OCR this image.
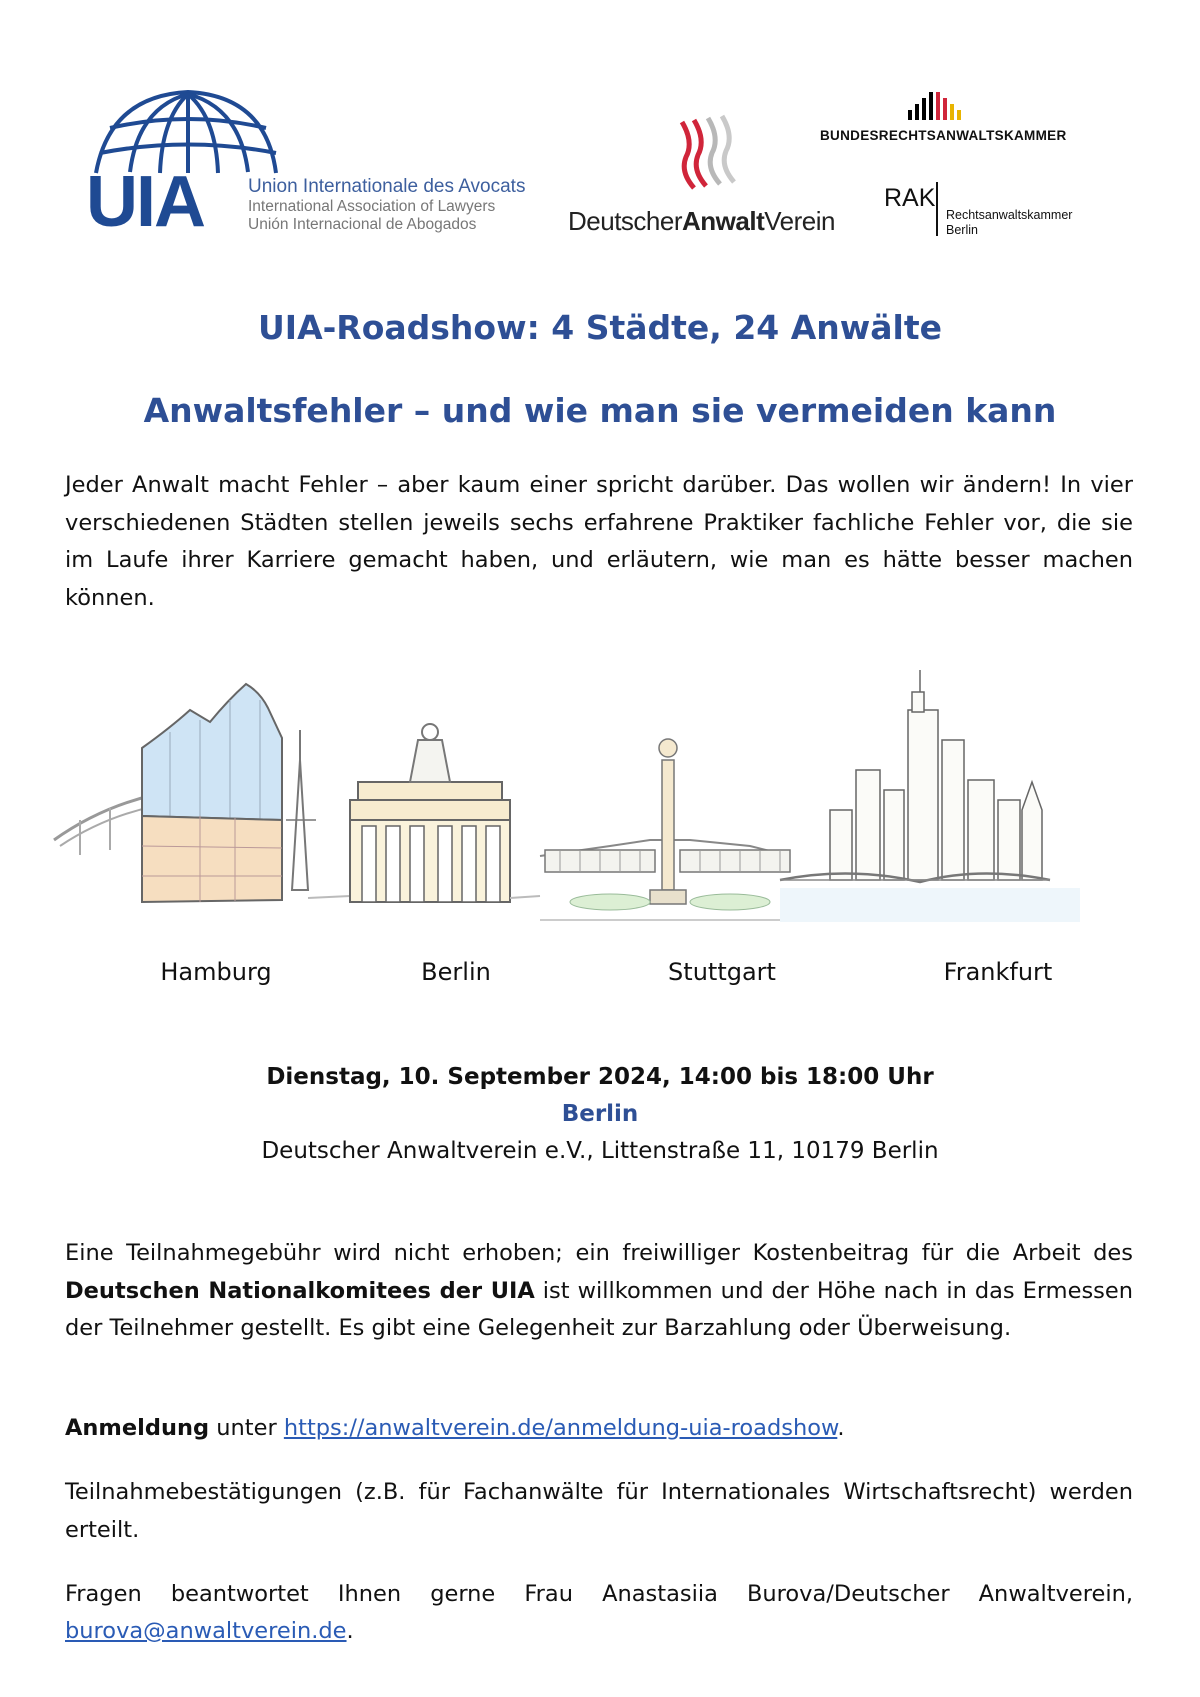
UIA Union Internationale des Avocats
International Association of Lawyers
Unión Internacional de Abogados	DeutscherAnwaltVerein
BUNDESRECHTSANWALTSKAMMER
RAK
Rechtsanwaltskammer
Berlin
UIA-Roadshow: 4 Städte, 24 Anwälte
Anwaltsfehler – und wie man sie vermeiden kann
Jeder Anwalt macht Fehler – aber kaum einer spricht darüber. Das wollen wir ändern! In vier verschiedenen Städten stellen jeweils sechs erfahrene Praktiker fachliche Fehler vor, die sie im Laufe ihrer Karriere gemacht haben, und erläutern, wie man es hätte besser machen können.
Hamburg	Berlin	Stuttgart	Frankfurt
Dienstag, 10. September 2024, 14:00 bis 18:00 Uhr
Berlin
Deutscher Anwaltverein e.V., Littenstraße 11, 10179 Berlin
Eine Teilnahmegebühr wird nicht erhoben; ein freiwilliger Kostenbeitrag für die Arbeit des Deutschen Nationalkomitees der UIA ist willkommen und der Höhe nach in das Ermessen der Teilnehmer gestellt. Es gibt eine Gelegenheit zur Barzahlung oder Überweisung.
Anmeldung unter https://anwaltverein.de/anmeldung-uia-roadshow.
Teilnahmebestätigungen (z.B. für Fachanwälte für Internationales Wirtschaftsrecht) werden erteilt.
Fragen beantwortet Ihnen gerne Frau Anastasiia Burova/Deutscher Anwaltverein,
burova@anwaltverein.de.
